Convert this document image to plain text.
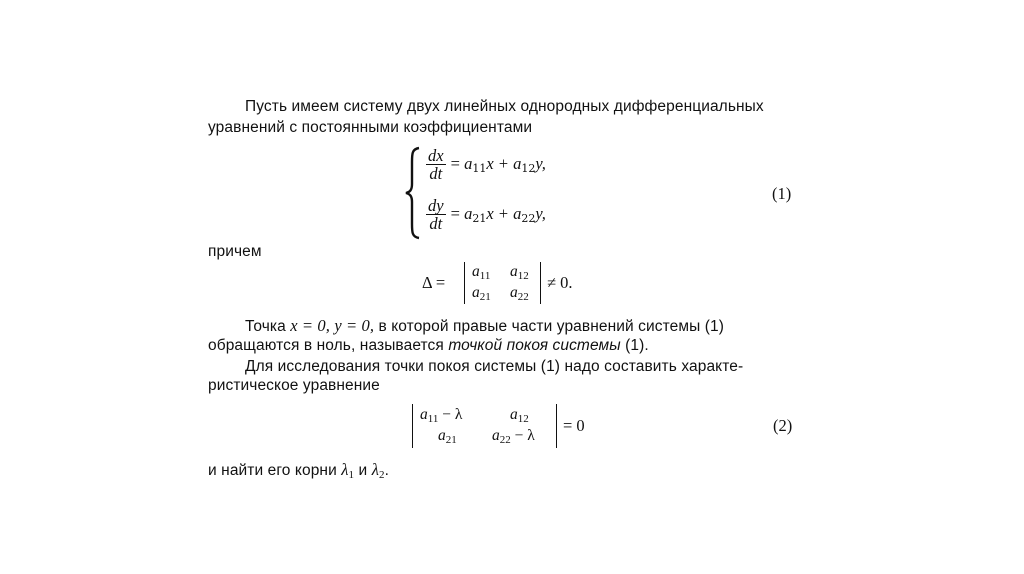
Пусть имеем систему двух линейных однородных дифференциальных
уравнений с постоянными коэффициентами
$\frac{dx}{dt} = a_{11}x + a_{12}y$,
$\frac{dy}{dt} = a_{21}x + a_{22}y$,
(1)
причем
Δ =
$a_{11}$ $a_{12}$
$a_{21}$ $a_{22}$
≠ 0.
Точка x = 0, y = 0, в которой правые части уравнений системы (1)
обращаются в ноль, называется точкой покоя системы (1).
Для исследования точки покоя системы (1) надо составить характе-
ристическое уравнение
$a_{11} - \lambda$	$a_{12}$
$a_{21}$ $a_{22} - \lambda$
= 0	(2)
и найти его корни $\lambda_1$ и $\lambda_2$.
